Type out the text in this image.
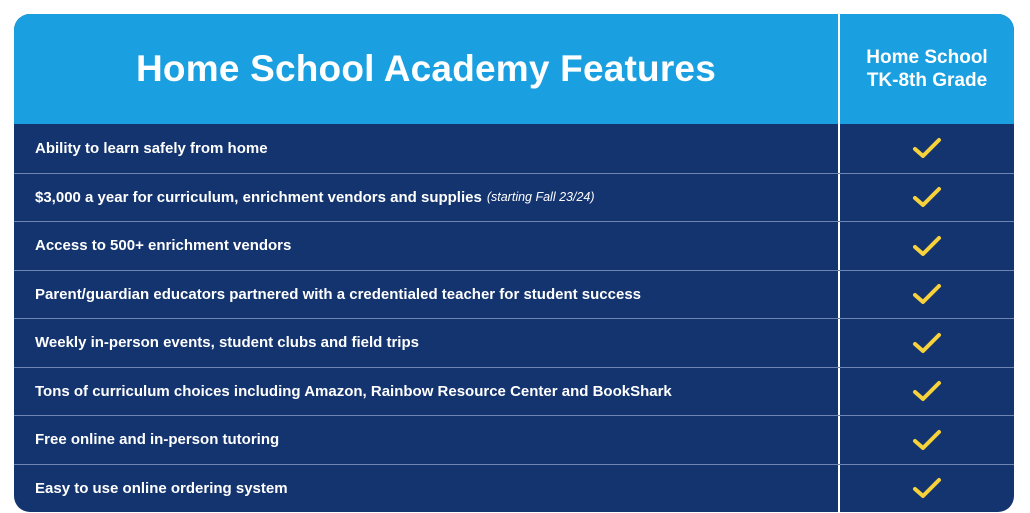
Home School Academy Features	Home School
TK-8th Grade
Ability to learn safely from home
$3,000 a year for curriculum, enrichment vendors and supplies (starting Fall 23/24)
Access to 500+ enrichment vendors
Parent/guardian educators partnered with a credentialed teacher for student success
Weekly in-person events, student clubs and field trips
Tons of curriculum choices including Amazon, Rainbow Resource Center and BookShark
Free online and in-person tutoring
Easy to use online ordering system
